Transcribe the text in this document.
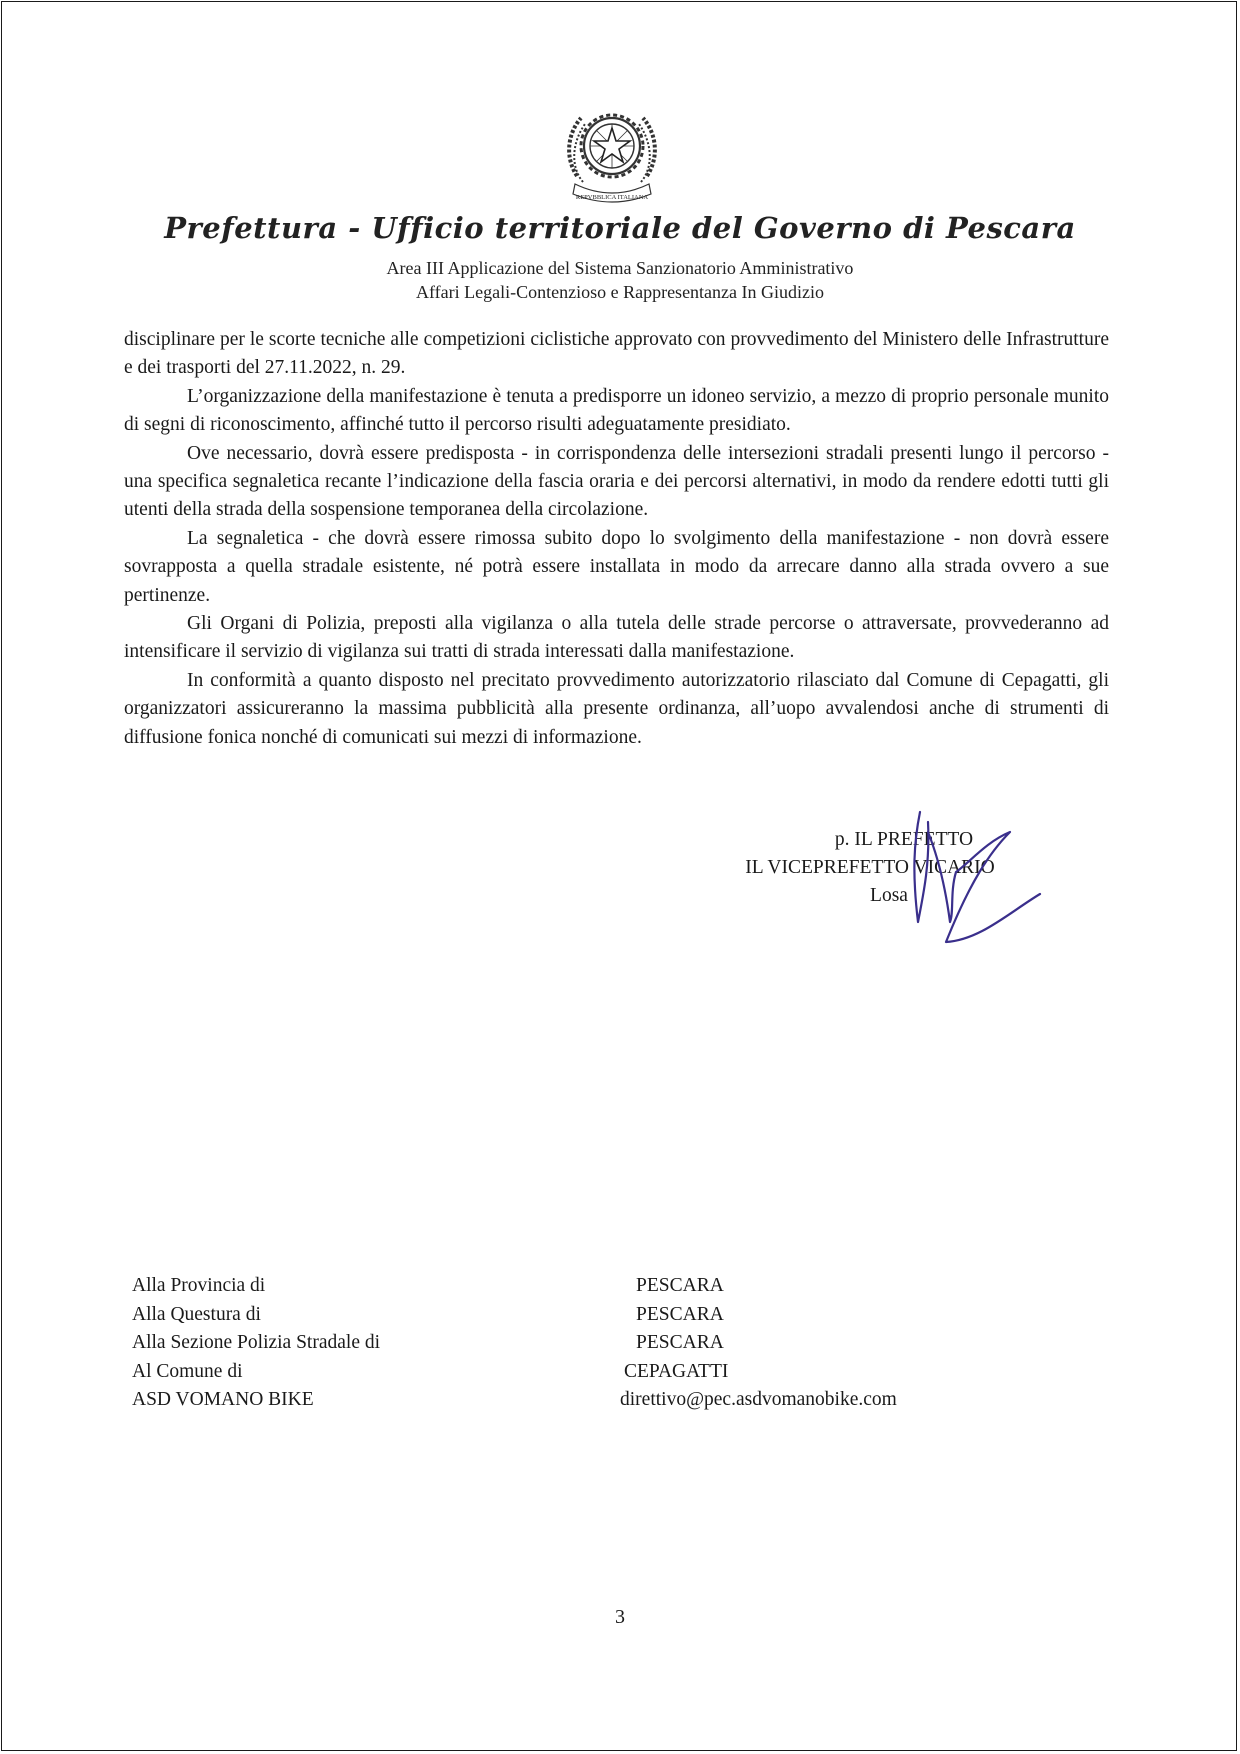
REPVBBLICA ITALIANA
Prefettura - Ufficio territoriale del Governo di Pescara
Area III Applicazione del Sistema Sanzionatorio Amministrativo
Affari Legali-Contenzioso e Rappresentanza In Giudizio

disciplinare per le scorte tecniche alle competizioni ciclistiche approvato con provvedimento del Ministero delle Infrastrutture e dei trasporti del 27.11.2022, n. 29.

L’organizzazione della manifestazione è tenuta a predisporre un idoneo servizio, a mezzo di proprio personale munito di segni di riconoscimento, affinché tutto il percorso risulti adeguatamente presidiato.

Ove necessario, dovrà essere predisposta - in corrispondenza delle intersezioni stradali presenti lungo il percorso - una specifica segnaletica recante l’indicazione della fascia oraria e dei percorsi alternativi, in modo da rendere edotti tutti gli utenti della strada della sospensione temporanea della circolazione.

La segnaletica - che dovrà essere rimossa subito dopo lo svolgimento della manifestazione - non dovrà essere sovrapposta a quella stradale esistente, né potrà essere installata in modo da arrecare danno alla strada ovvero a sue pertinenze.

Gli Organi di Polizia, preposti alla vigilanza o alla tutela delle strade percorse o attraversate, provvederanno ad intensificare il servizio di vigilanza sui tratti di strada interessati dalla manifestazione.

In conformità a quanto disposto nel precitato provvedimento autorizzatorio rilasciato dal Comune di Cepagatti, gli organizzatori assicureranno la massima pubblicità alla presente ordinanza, all’uopo avvalendosi anche di strumenti di diffusione fonica nonché di comunicati sui mezzi di informazione.

p. IL PREFETTO
IL VICEPREFETTO VICARIO
Losa
Alla Provincia di	PESCARA
Alla Questura di	PESCARA
Alla Sezione Polizia Stradale di	PESCARA
Al Comune di	CEPAGATTI
ASD VOMANO BIKE	direttivo@pec.asdvomanobike.com
3
